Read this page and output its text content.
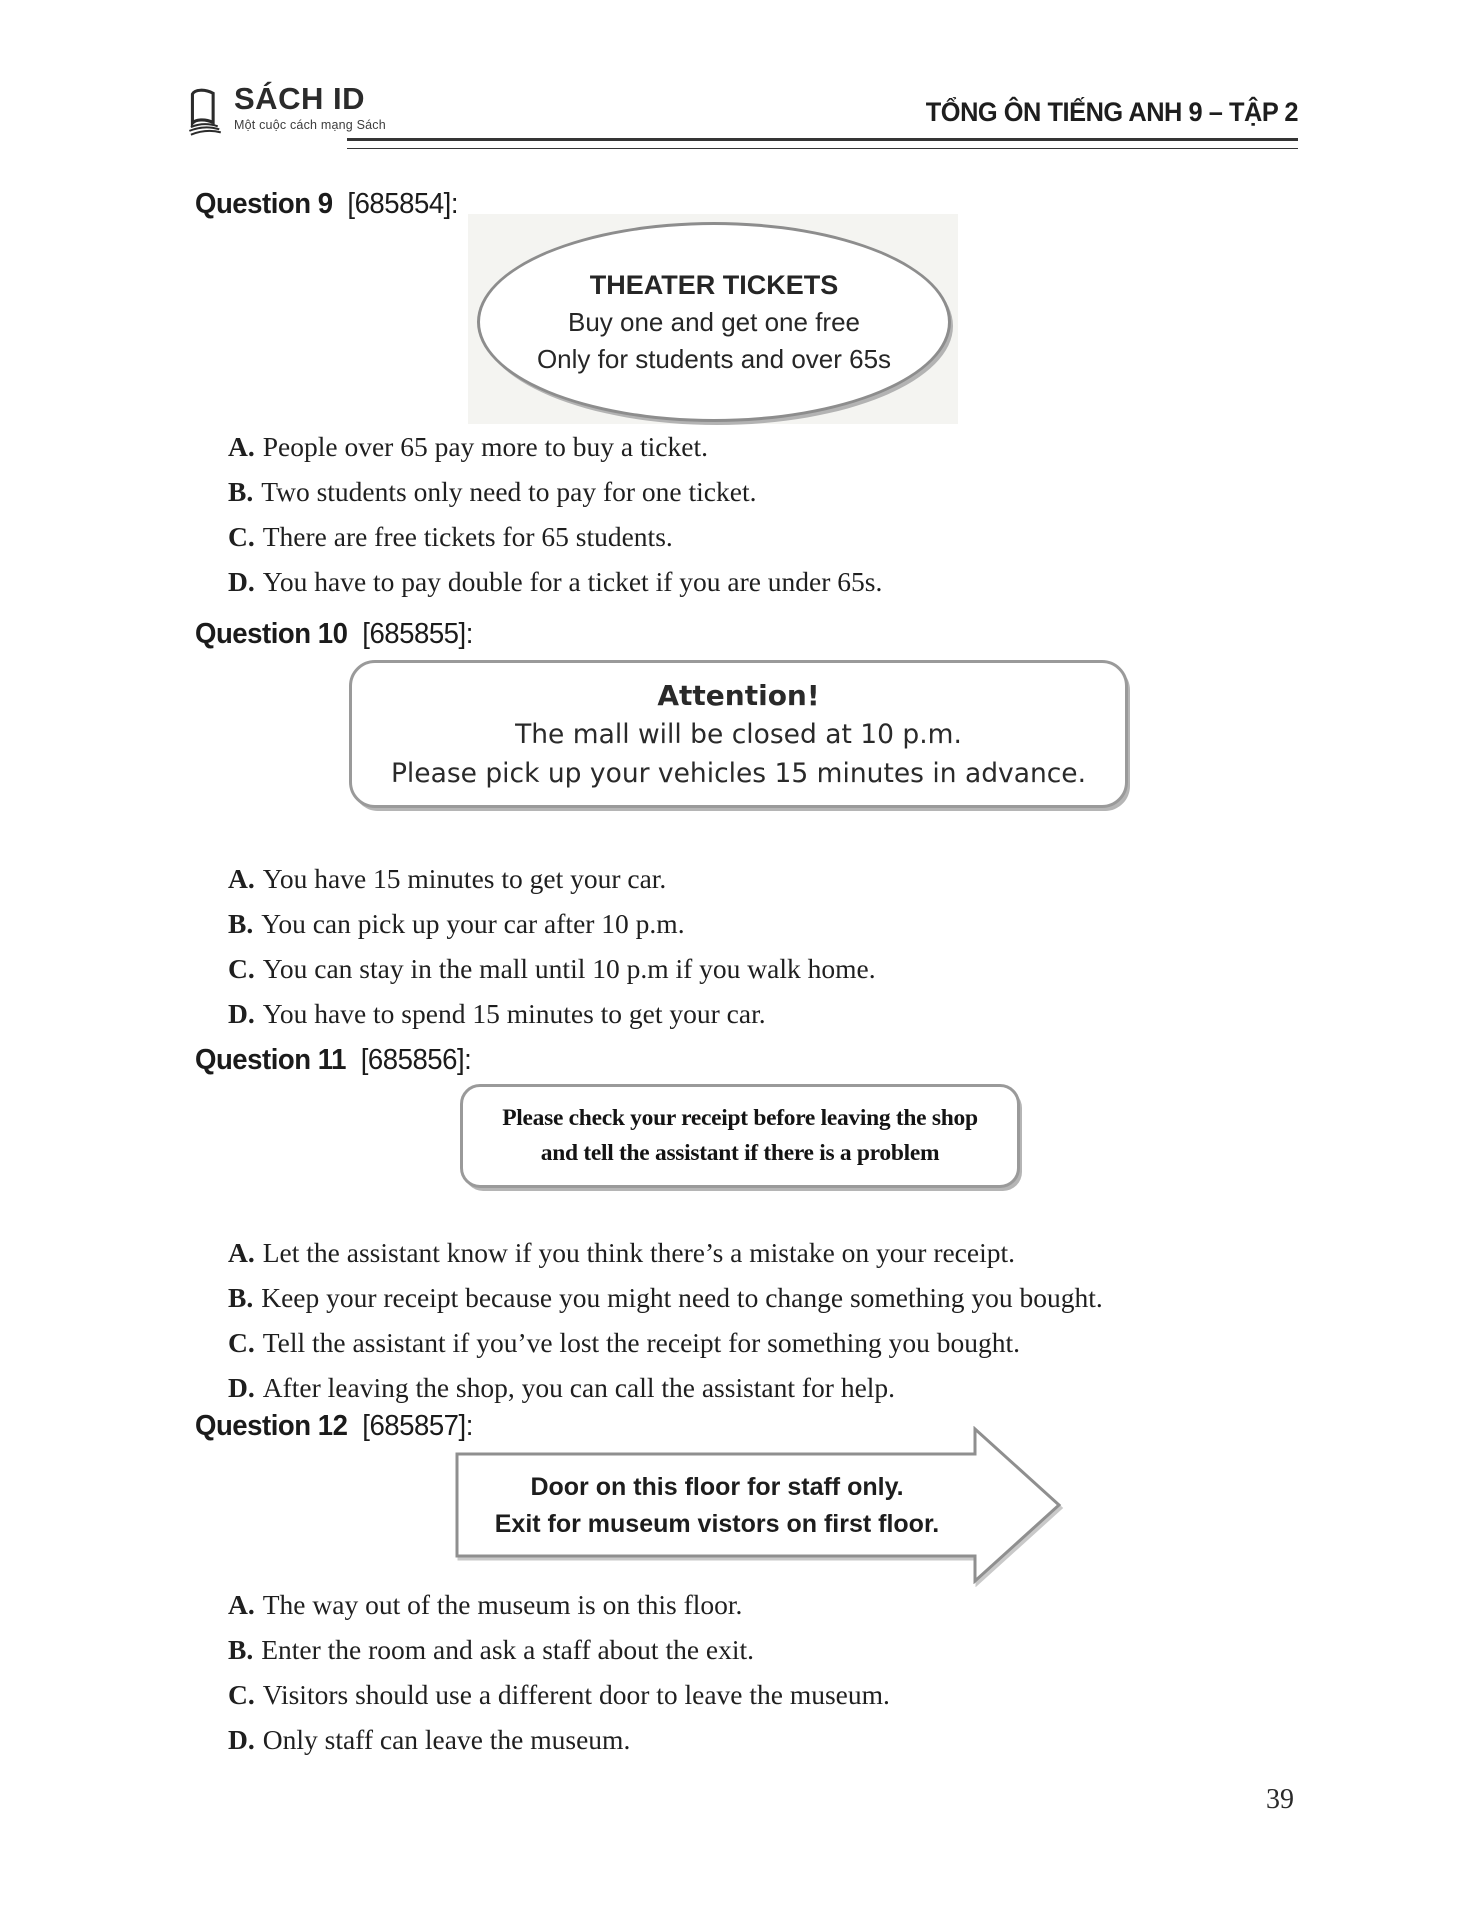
SÁCH ID
Một cuộc cách mạng Sách	TỔNG ÔN TIẾNG ANH 9 – TẬP 2
Question 9 [685854]:
THEATER TICKETS
Buy one and get one free
Only for students and over 65s
A. People over 65 pay more to buy a ticket.
B. Two students only need to pay for one ticket.
C. There are free tickets for 65 students.
D. You have to pay double for a ticket if you are under 65s.
Question 10 [685855]:
Attention!
The mall will be closed at 10 p.m.
Please pick up your vehicles 15 minutes in advance.
A. You have 15 minutes to get your car.
B. You can pick up your car after 10 p.m.
C. You can stay in the mall until 10 p.m if you walk home.
D. You have to spend 15 minutes to get your car.
Question 11 [685856]:
Please check your receipt before leaving the shop
and tell the assistant if there is a problem
A. Let the assistant know if you think there’s a mistake on your receipt.
B. Keep your receipt because you might need to change something you bought.
C. Tell the assistant if you’ve lost the receipt for something you bought.
D. After leaving the shop, you can call the assistant for help.
Question 12 [685857]:
Door on this floor for staff only.
Exit for museum vistors on first floor.
A. The way out of the museum is on this floor.
B. Enter the room and ask a staff about the exit.
C. Visitors should use a different door to leave the museum.
D. Only staff can leave the museum.
39
